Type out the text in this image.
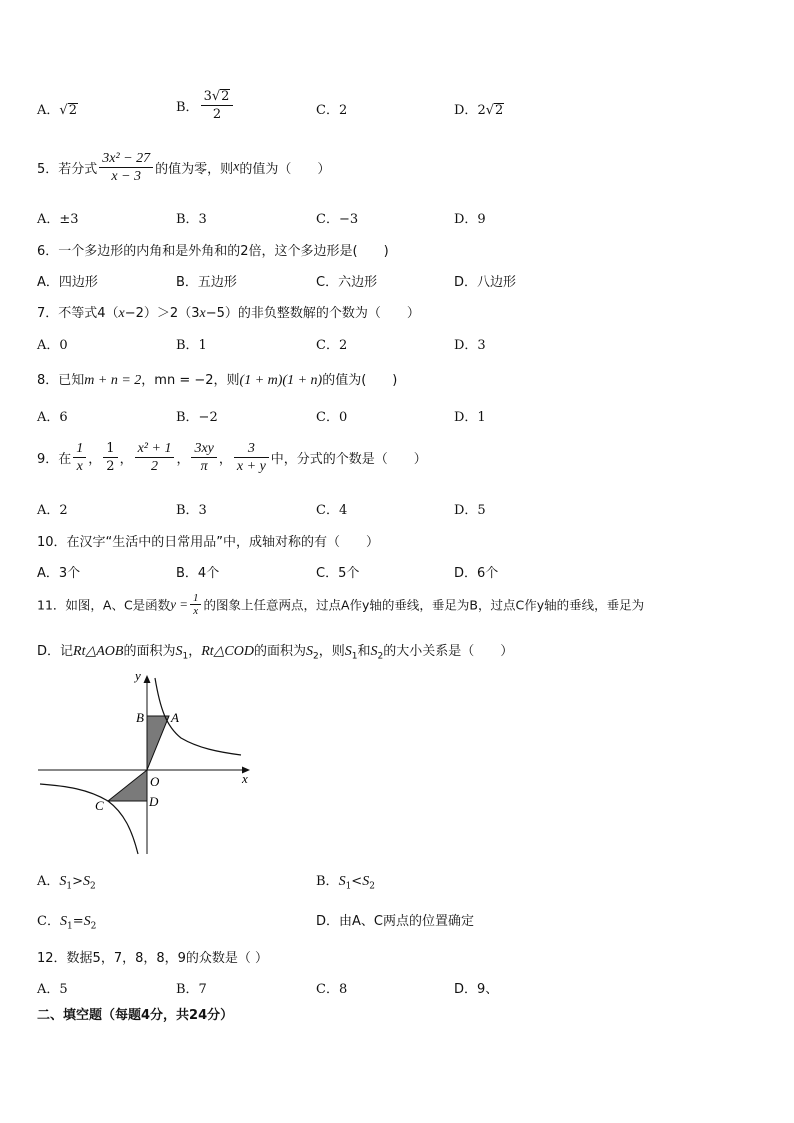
A．√2	B． $\frac{3√2}{2}$	C．2	D．2√2
5．若分式 $\frac{\text{3x² − 27}}{x - 3}$ 的值为零，则x的值为（　　）
A．±3	B．3	C．−3	D．9
6．一个多边形的内角和是外角和的2倍，这个多边形是(　　)
A．四边形	B．五边形	C．六边形	D．八边形
7．不等式4（x−2）＞2（3x−5）的非负整数解的个数为（　　）
A．0	B．1	C．2	D．3
8．已知m + n = 2，mn = −2，则(1 + m)(1 + n)的值为(　　)
A．6	B．−2	C．0	D．1
9．在 $\frac{1}{x}$ ， $\frac{1}{2}$ ， $\frac{\text{x² + 1}}{2}$ ， $\frac{3xy}{\pi}$ ， $\frac{3}{x + y}$ 中，分式的个数是（　　）
A．2	B．3	C．4	D．5
10．在汉字“生活中的日常用品”中，成轴对称的有（　　）
A．3个	B．4个	C．5个	D．6个
11．如图，A、C是函数$y = \frac{1}{x}$ 的图象上任意两点，过点A作y轴的垂线，垂足为B，过点C作y轴的垂线，垂足为
D．记Rt△AOB的面积为$S_1$，Rt△COD的面积为$S_2$，则$S_1$和$S_2$的大小关系是（　　）
y
x
O
A
B
C	D
A．$S_1>S_2$	B．$S_1<S_2$
C．$S_1=S_2$	D．由A、C两点的位置确定
12．数据5，7，8，8，9的众数是（ ）
A．5	B．7	C．8	D．9、
二、填空题（每题4分，共24分）
